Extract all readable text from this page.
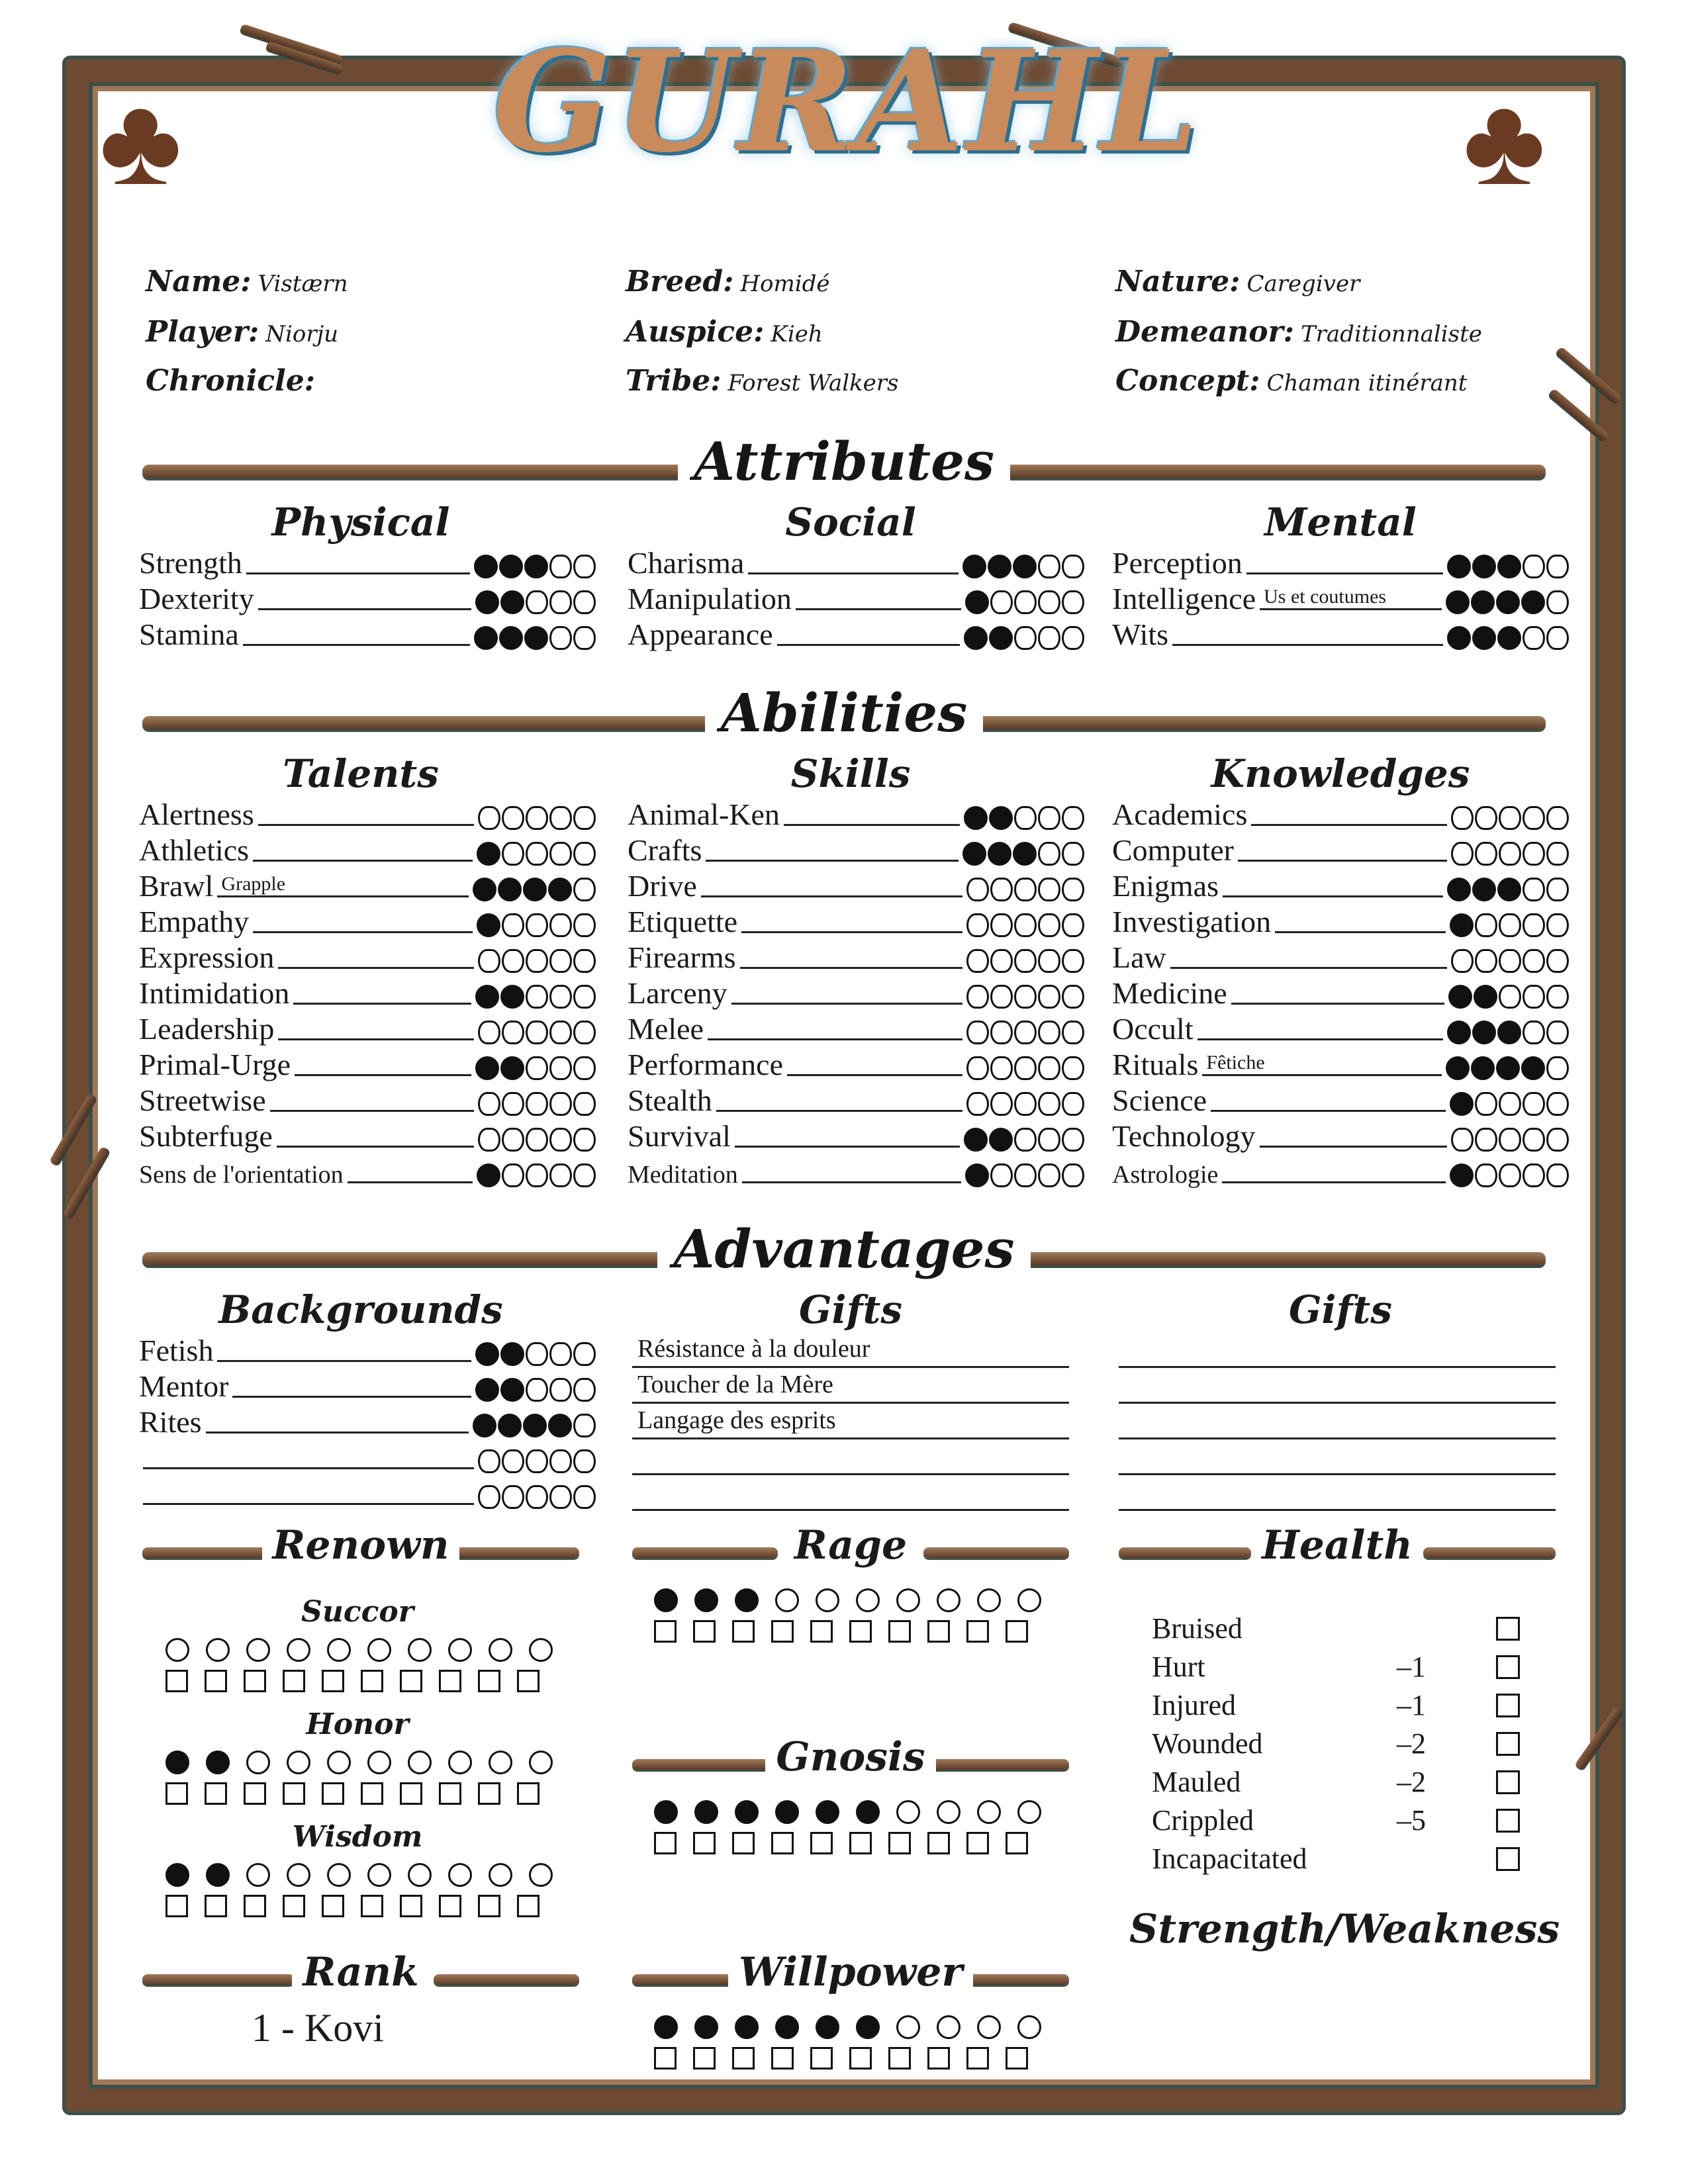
♣	♣
GURAHL
Name: Vistærn
Player: Niorju
Chronicle:
Breed: Homidé
Auspice: Kieh
Tribe: Forest Walkers
Nature: Caregiver
Demeanor: Traditionnaliste
Concept: Chaman itinérant
Attributes
Abilities
Advantages
Physical	Social	Mental
Talents	Skills	Knowledges
Backgrounds	Gifts	Gifts
Strength
Dexterity
Stamina
Charisma
Manipulation
Appearance
Perception
Intelligence Us et coutumes
Wits
Alertness
Athletics
Brawl Grapple
Empathy
Expression
Intimidation
Leadership
Primal-Urge
Streetwise
Subterfuge
Sens de l'orientation
Animal-Ken
Crafts
Drive
Etiquette
Firearms
Larceny
Melee
Performance
Stealth
Survival
Meditation
Academics
Computer
Enigmas
Investigation
Law
Medicine
Occult
Rituals Fêtiche
Science
Technology
Astrologie
Fetish
Mentor
Rites
Résistance à la douleur
Toucher de la Mère
Langage des esprits
Renown	Rage	Health
Gnosis
Rank	Willpower
Strength/Weakness
Succor
Honor
Wisdom
Bruised
Hurt	–1
Injured	–1
Wounded	–2
Mauled	–2
Crippled	–5
Incapacitated
1 - Kovi
